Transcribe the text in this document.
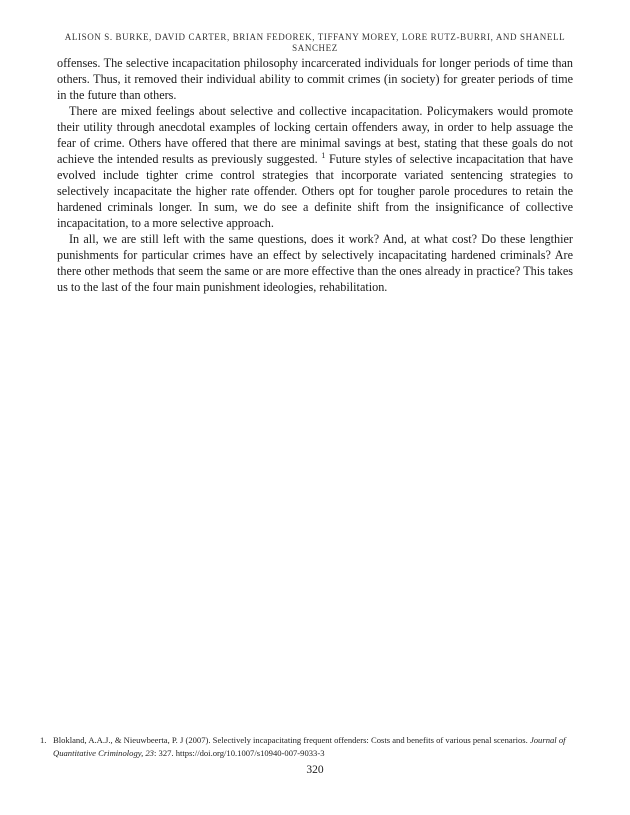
ALISON S. BURKE, DAVID CARTER, BRIAN FEDOREK, TIFFANY MOREY, LORE RUTZ-BURRI, AND SHANELL
SANCHEZ

offenses. The selective incapacitation philosophy incarcerated individuals for longer periods of time than others. Thus, it removed their individual ability to commit crimes (in society) for greater periods of time in the future than others.

There are mixed feelings about selective and collective incapacitation. Policymakers would promote their utility through anecdotal examples of locking certain offenders away, in order to help assuage the fear of crime. Others have offered that there are minimal savings at best, stating that these goals do not achieve the intended results as previously suggested. $^1$ Future styles of selective incapacitation that have evolved include tighter crime control strategies that incorporate variated sentencing strategies to selectively incapacitate the higher rate offender. Others opt for tougher parole procedures to retain the hardened criminals longer. In sum, we do see a definite shift from the insignificance of collective incapacitation, to a more selective approach.

In all, we are still left with the same questions, does it work? And, at what cost? Do these lengthier punishments for particular crimes have an effect by selectively incapacitating hardened criminals? Are there other methods that seem the same or are more effective than the ones already in practice? This takes us to the last of the four main punishment ideologies, rehabilitation.

1. Blokland, A.A.J., & Nieuwbeerta, P. J (2007). Selectively incapacitating frequent offenders: Costs and benefits of various penal scenarios. Journal of Quantitative Criminology, 23: 327. https://doi.org/10.1007/s10940-007-9033-3
320
